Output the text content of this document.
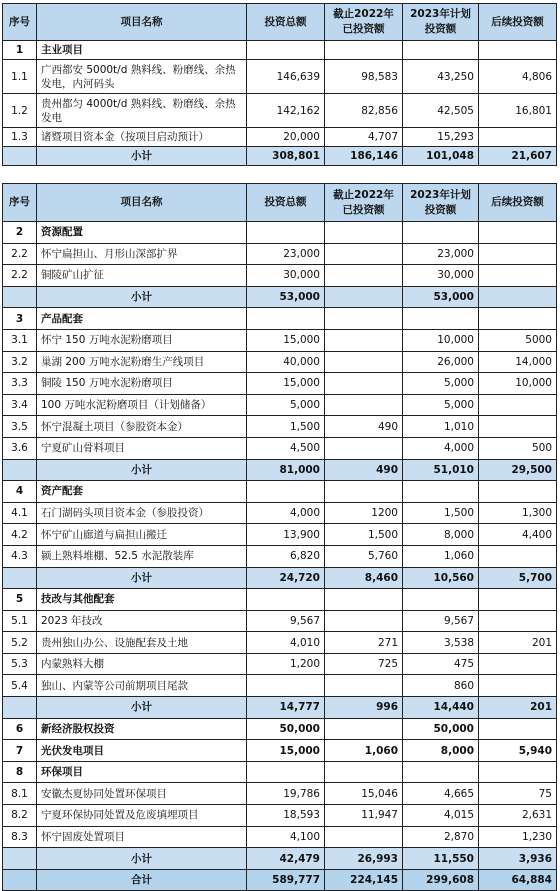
序号	项目名称	投资总额	截止2022年已投资额	2023年计划投资额	后续投资额
1	主业项目				
1.1	广西都安 5000t/d 熟料线、粉磨线、余热发电，内河码头	146,639	98,583	43,250	4,806
1.2	贵州都匀 4000t/d 熟料线、粉磨线、余热发电	142,162	82,856	42,505	16,801
1.3	诸暨项目资本金（按项目启动预计）	20,000	4,707	15,293	
	小计	308,801	186,146	101,048	21,607
序号	项目名称	投资总额	截止2022年已投资额	2023年计划投资额	后续投资额
2	资源配置				
2.2	怀宁扁担山、月形山深部扩界	23,000		23,000	
2.2	铜陵矿山扩征	30,000		30,000	
	小计	53,000		53,000	
3	产品配套				
3.1	怀宁 150 万吨水泥粉磨项目	15,000		10,000	5000
3.2	巢湖 200 万吨水泥粉磨生产线项目	40,000		26,000	14,000
3.3	铜陵 150 万吨水泥粉磨项目	15,000		5,000	10,000
3.4	100 万吨水泥粉磨项目（计划储备）	5,000		5,000	
3.5	怀宁混凝土项目（参股资本金）	1,500	490	1,010	
3.6	宁夏矿山骨料项目	4,500		4,000	500
	小计	81,000	490	51,010	29,500
4	资产配套				
4.1	石门湖码头项目资本金（参股投资）	4,000	1200	1,500	1,300
4.2	怀宁矿山廊道与扁担山搬迁	13,900	1,500	8,000	4,400
4.3	颍上熟料堆棚、52.5 水泥散装库	6,820	5,760	1,060	
	小计	24,720	8,460	10,560	5,700
5	技改与其他配套				
5.1	2023 年技改	9,567		9,567	
5.2	贵州独山办公、设施配套及土地	4,010	271	3,538	201
5.3	内蒙熟料大棚	1,200	725	475	
5.4	独山、内蒙等公司前期项目尾款			860	
	小计	14,777	996	14,440	201
6	新经济股权投资	50,000		50,000	
7	光伏发电项目	15,000	1,060	8,000	5,940
8	环保项目				
8.1	安徽杰夏协同处置环保项目	19,786	15,046	4,665	75
8.2	宁夏环保协同处置及危废填埋项目	18,593	11,947	4,015	2,631
8.3	怀宁固废处置项目	4,100		2,870	1,230
	小计	42,479	26,993	11,550	3,936
	合计	589,777	224,145	299,608	64,884
